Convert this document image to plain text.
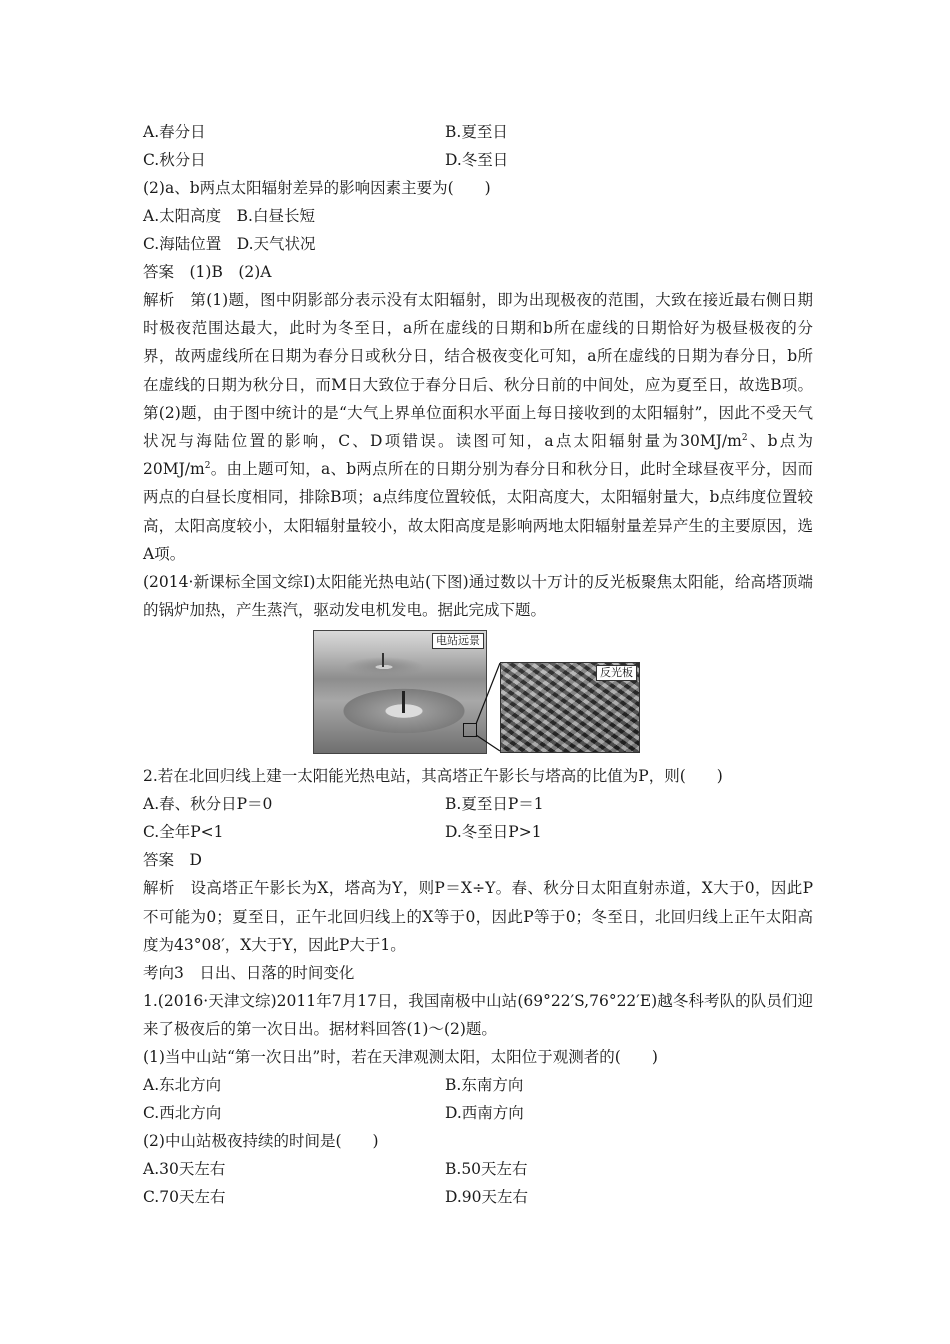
A.春分日	B.夏至日
C.秋分日	D.冬至日
(2)a、b两点太阳辐射差异的影响因素主要为(　　)
A.太阳高度　B.白昼长短
C.海陆位置　D.天气状况
答案　(1)B　(2)A
解析　第(1)题，图中阴影部分表示没有太阳辐射，即为出现极夜的范围，大致在接近最右侧日期时极夜范围达最大，此时为冬至日，a所在虚线的日期和b所在虚线的日期恰好为极昼极夜的分界，故两虚线所在日期为春分日或秋分日，结合极夜变化可知，a所在虚线的日期为春分日，b所在虚线的日期为秋分日，而M日大致位于春分日后、秋分日前的中间处，应为夏至日，故选B项。第(2)题，由于图中统计的是“大气上界单位面积水平面上每日接收到的太阳辐射”，因此不受天气状况与海陆位置的影响，C、D项错误。读图可知，a点太阳辐射量为$30MJ/m^2$、b点为$20MJ/m^2$。由上题可知，a、b两点所在的日期分别为春分日和秋分日，此时全球昼夜平分，因而两点的白昼长度相同，排除B项；a点纬度位置较低，太阳高度大，太阳辐射量大，b点纬度位置较高，太阳高度较小，太阳辐射量较小，故太阳高度是影响两地太阳辐射量差异产生的主要原因，选A项。
(2014·新课标全国文综Ⅰ)太阳能光热电站(下图)通过数以十万计的反光板聚焦太阳能，给高塔顶端的锅炉加热，产生蒸汽，驱动发电机发电。据此完成下题。
电站远景
反光板
2.若在北回归线上建一太阳能光热电站，其高塔正午影长与塔高的比值为P，则(　　)
A.春、秋分日P＝0	B.夏至日P＝1
C.全年P<1	D.冬至日P>1
答案　D
解析　设高塔正午影长为X，塔高为Y，则P＝X÷Y。春、秋分日太阳直射赤道，X大于0，因此P不可能为0；夏至日，正午北回归线上的X等于0，因此P等于0；冬至日，北回归线上正午太阳高度为43°08′，X大于Y，因此P大于1。
考向3　日出、日落的时间变化
1.(2016·天津文综)2011年7月17日，我国南极中山站(69°22′S,76°22′E)越冬科考队的队员们迎来了极夜后的第一次日出。据材料回答(1)～(2)题。
(1)当中山站“第一次日出”时，若在天津观测太阳，太阳位于观测者的(　　)
A.东北方向	B.东南方向
C.西北方向	D.西南方向
(2)中山站极夜持续的时间是(　　)
A.30天左右	B.50天左右
C.70天左右	D.90天左右
